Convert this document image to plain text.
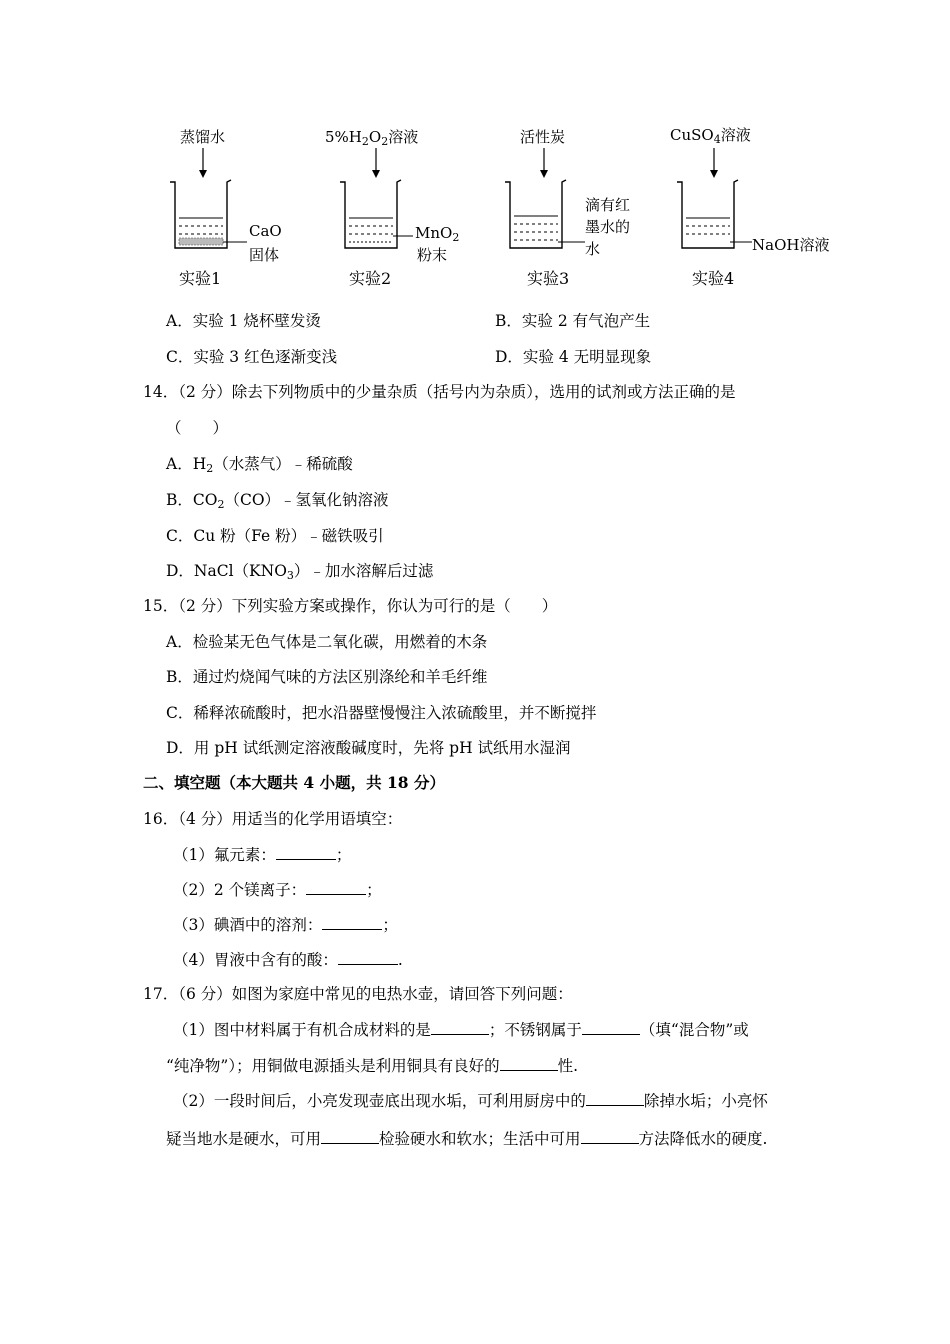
蒸馏水
CaO
固体
实验1
$5\%H_2O_2$溶液
MnO$_2$
粉末
实验2
活性炭
滴有红
墨水的
水
实验3
CuSO$_4$溶液
NaOH溶液
实验4
A．实验 1 烧杯壁发烫	B．实验 2 有气泡产生
C．实验 3 红色逐渐变浅	D．实验 4 无明显现象
14．（2 分）除去下列物质中的少量杂质（括号内为杂质），选用的试剂或方法正确的是
（　　）
A．$H_2$（水蒸气）﹣稀硫酸
B．$CO_2(CO)﹣$氢氧化钠溶液
C．Cu 粉（Fe 粉）﹣磁铁吸引
D．$NaCl(KNO_3)﹣$加水溶解后过滤
15．（2 分）下列实验方案或操作，你认为可行的是（　　）
A．检验某无色气体是二氧化碳，用燃着的木条
B．通过灼烧闻气味的方法区别涤纶和羊毛纤维
C．稀释浓硫酸时，把水沿器壁慢慢注入浓硫酸里，并不断搅拌
D．用 pH 试纸测定溶液酸碱度时，先将 pH 试纸用水湿润
二、填空题（本大题共 4 小题，共 18 分）
16．（4 分）用适当的化学用语填空：
（1）氟元素：	；
（2）2 个镁离子：	；
（3）碘酒中的溶剂：	；
（4）胃液中含有的酸：	.
17．（6 分）如图为家庭中常见的电热水壶，请回答下列问题：
（1）图中材料属于有机合成材料的是	；不锈钢属于	（填“混合物”或
“纯净物”）；用铜做电源插头是利用铜具有良好的	性.
（2）一段时间后，小亮发现壶底出现水垢，可利用厨房中的	除掉水垢；小亮怀
疑当地水是硬水，可用	检验硬水和软水；生活中可用	方法降低水的硬度.
